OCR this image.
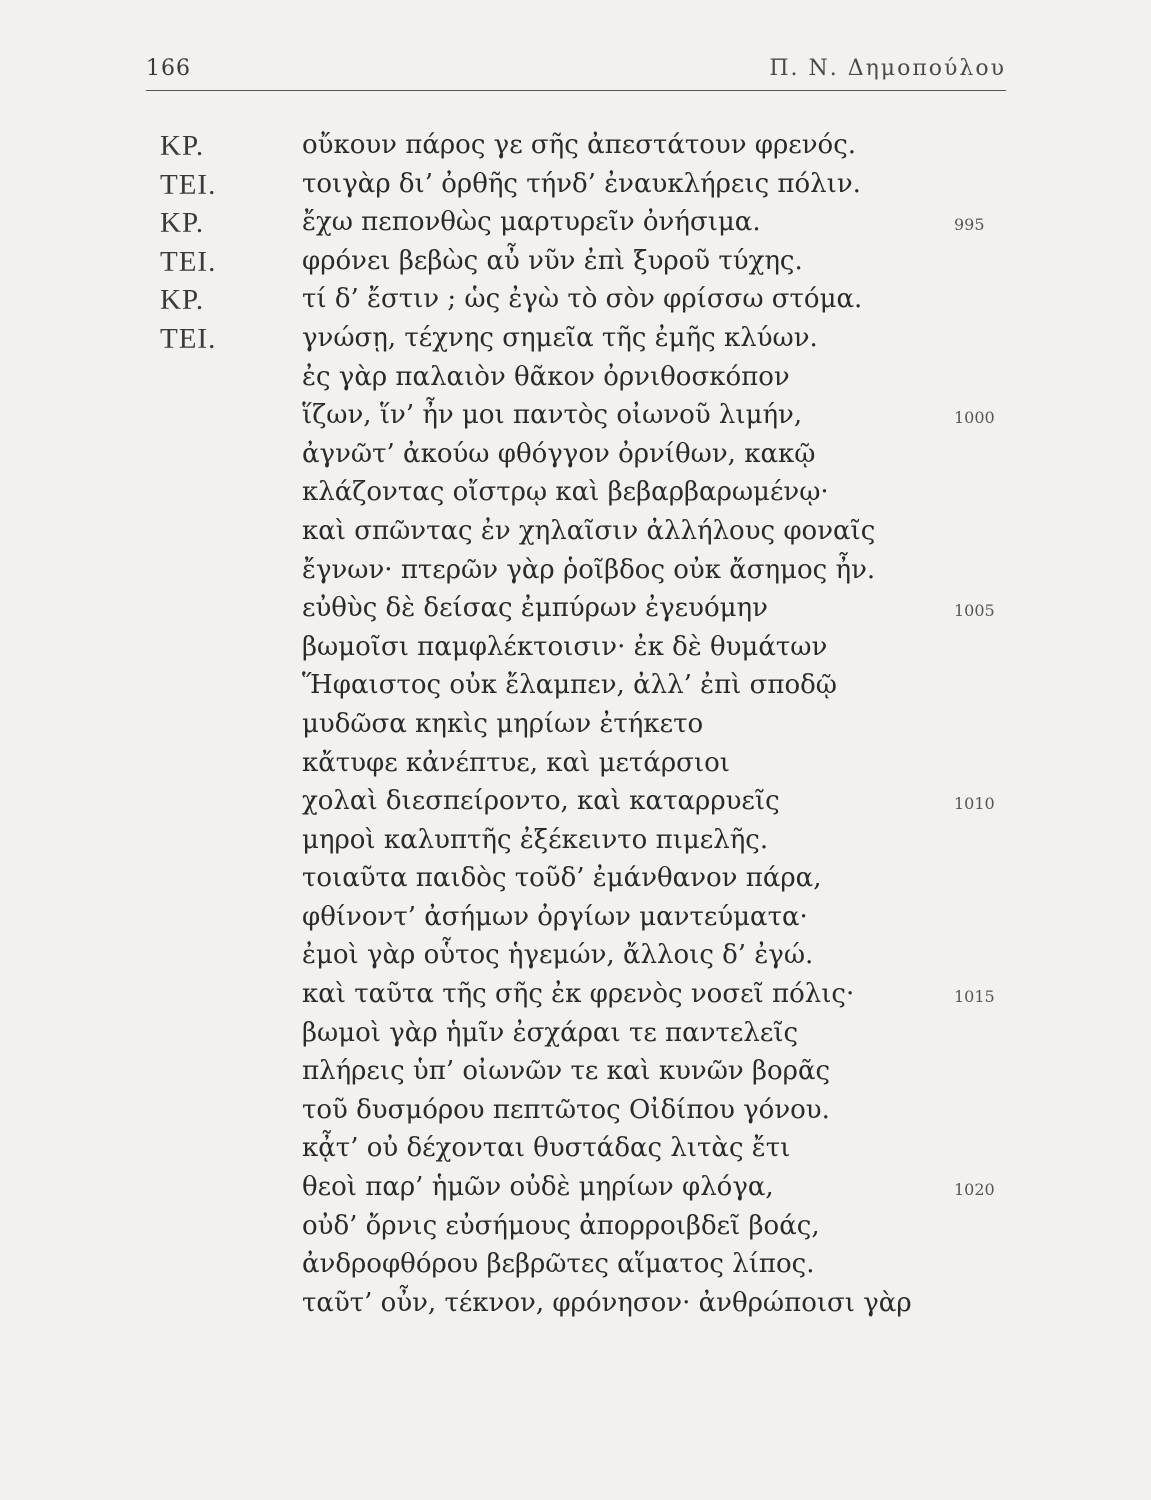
166	Π. Ν. Δημοπούλου
ΚΡ.	οὔκουν πάρος γε σῆς ἀπεστάτουν φρενός.
ΤΕΙ.	τοιγὰρ δι’ ὀρθῆς τήνδ’ ἐναυκλήρεις πόλιν.
ΚΡ.	ἔχω πεπονθὼς μαρτυρεῖν ὀνήσιμα.	995
ΤΕΙ.	φρόνει βεβὼς αὖ νῦν ἐπὶ ξυροῦ τύχης.
ΚΡ.	τί δ’ ἔστιν ; ὡς ἐγὼ τὸ σὸν φρίσσω στόμα.
ΤΕΙ.	γνώσῃ, τέχνης σημεῖα τῆς ἐμῆς κλύων.
ἐς γὰρ παλαιὸν θᾶκον ὀρνιθοσκόπον
ἵζων, ἵν’ ἦν μοι παντὸς οἰωνοῦ λιμήν,	1000
ἀγνῶτ’ ἀκούω φθόγγον ὀρνίθων, κακῷ
κλάζοντας οἴστρῳ καὶ βεβαρβαρωμένῳ·
καὶ σπῶντας ἐν χηλαῖσιν ἀλλήλους φοναῖς
ἔγνων· πτερῶν γὰρ ῥοῖβδος οὐκ ἄσημος ἦν.
εὐθὺς δὲ δείσας ἐμπύρων ἐγευόμην	1005
βωμοῖσι παμφλέκτοισιν· ἐκ δὲ θυμάτων
Ἥφαιστος οὐκ ἔλαμπεν, ἀλλ’ ἐπὶ σποδῷ
μυδῶσα κηκὶς μηρίων ἐτήκετο
κἄτυφε κἀνέπτυε, καὶ μετάρσιοι
χολαὶ διεσπείροντο, καὶ καταρρυεῖς	1010
μηροὶ καλυπτῆς ἐξέκειντο πιμελῆς.
τοιαῦτα παιδὸς τοῦδ’ ἐμάνθανον πάρα,
φθίνοντ’ ἀσήμων ὀργίων μαντεύματα·
ἐμοὶ γὰρ οὗτος ἡγεμών, ἄλλοις δ’ ἐγώ.
καὶ ταῦτα τῆς σῆς ἐκ φρενὸς νοσεῖ πόλις·	1015
βωμοὶ γὰρ ἡμῖν ἐσχάραι τε παντελεῖς
πλήρεις ὑπ’ οἰωνῶν τε καὶ κυνῶν βορᾶς
τοῦ δυσμόρου πεπτῶτος Οἰδίπου γόνου.
κᾆτ’ οὐ δέχονται θυστάδας λιτὰς ἔτι
θεοὶ παρ’ ἡμῶν οὐδὲ μηρίων φλόγα,	1020
οὐδ’ ὄρνις εὐσήμους ἀπορροιβδεῖ βοάς,
ἀνδροφθόρου βεβρῶτες αἵματος λίπος.
ταῦτ’ οὖν, τέκνον, φρόνησον· ἀνθρώποισι γὰρ
